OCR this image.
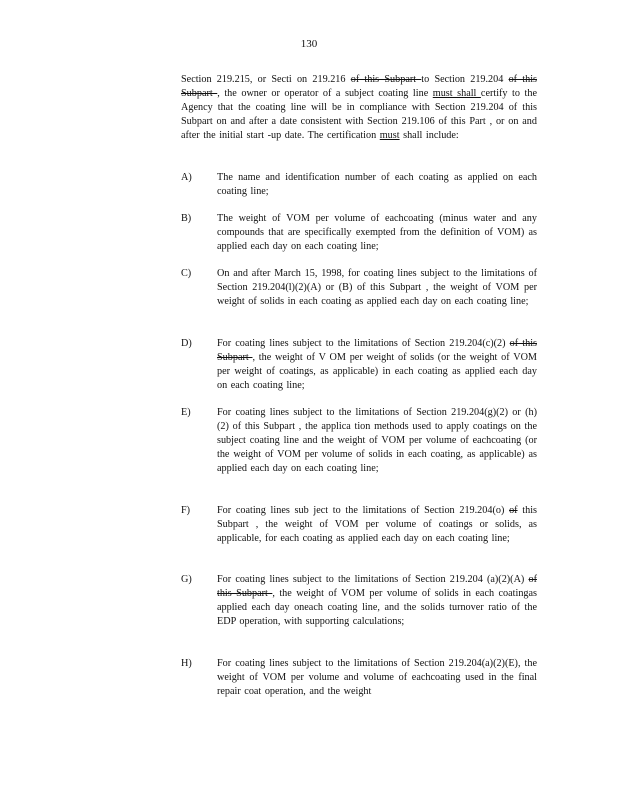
130
Section 219.215, or Secti on 219.216 of this Subpart to Section 219.204 of this Subpart , the owner or operator of a subject coating line must shall certify to the Agency that the coating line will be in compliance with Section 219.204 of this Subpart on and after a date consistent with Section 219.106 of this Part , or on and after the initial start -up date. The certification must shall include:
A)	The name and identification number of each coating as applied on each coating line;
B)	The weight of VOM per volume of eachcoating (minus water and any compounds that are specifically exempted from the definition of VOM) as applied each day on each coating line;
C)	On and after March 15, 1998, for coating lines subject to the limitations of Section 219.204(l)(2)(A) or (B) of this Subpart , the weight of VOM per weight of solids in each coating as applied each day on each coating line;
D)	For coating lines subject to the limitations of Section 219.204(c)(2) of this Subpart , the weight of V OM per weight of solids (or the weight of VOM per weight of coatings, as applicable) in each coating as applied each day on each coating line;
E)	For coating lines subject to the limitations of Section 219.204(g)(2) or (h)(2) of this Subpart , the applica tion methods used to apply coatings on the subject coating line and the weight of VOM per volume of eachcoating (or the weight of VOM per volume of solids in each coating, as applicable) as applied each day on each coating line;
F)	For coating lines sub ject to the limitations of Section 219.204(o) of this Subpart , the weight of VOM per volume of coatings or solids, as applicable, for each coating as applied each day on each coating line;
G)	For coating lines subject to the limitations of Section 219.204 (a)(2)(A) of this Subpart , the weight of VOM per volume of solids in each coatingas applied each day oneach coating line, and the solids turnover ratio of the EDP operation, with supporting calculations;
H)	For coating lines subject to the limitations of Section 219.204(a)(2)(E), the weight of VOM per volume and volume of eachcoating used in the final repair coat operation, and the weight
